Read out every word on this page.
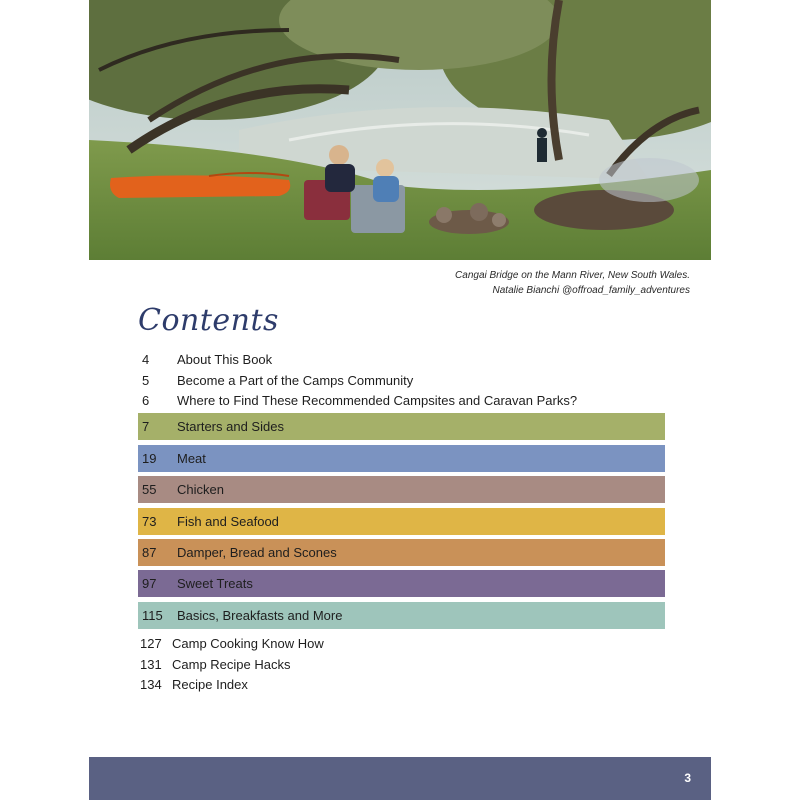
Cangai Bridge on the Mann River, New South Wales.
Natalie Bianchi @offroad_family_adventures
Contents
4	About This Book
5	Become a Part of the Camps Community
6	Where to Find These Recommended Campsites and Caravan Parks?
7	Starters and Sides
19	Meat
55	Chicken
73	Fish and Seafood
87	Damper, Bread and Scones
97	Sweet Treats
115	Basics, Breakfasts and More
127 Camp Cooking Know How
131 Camp Recipe Hacks
134 Recipe Index
3
